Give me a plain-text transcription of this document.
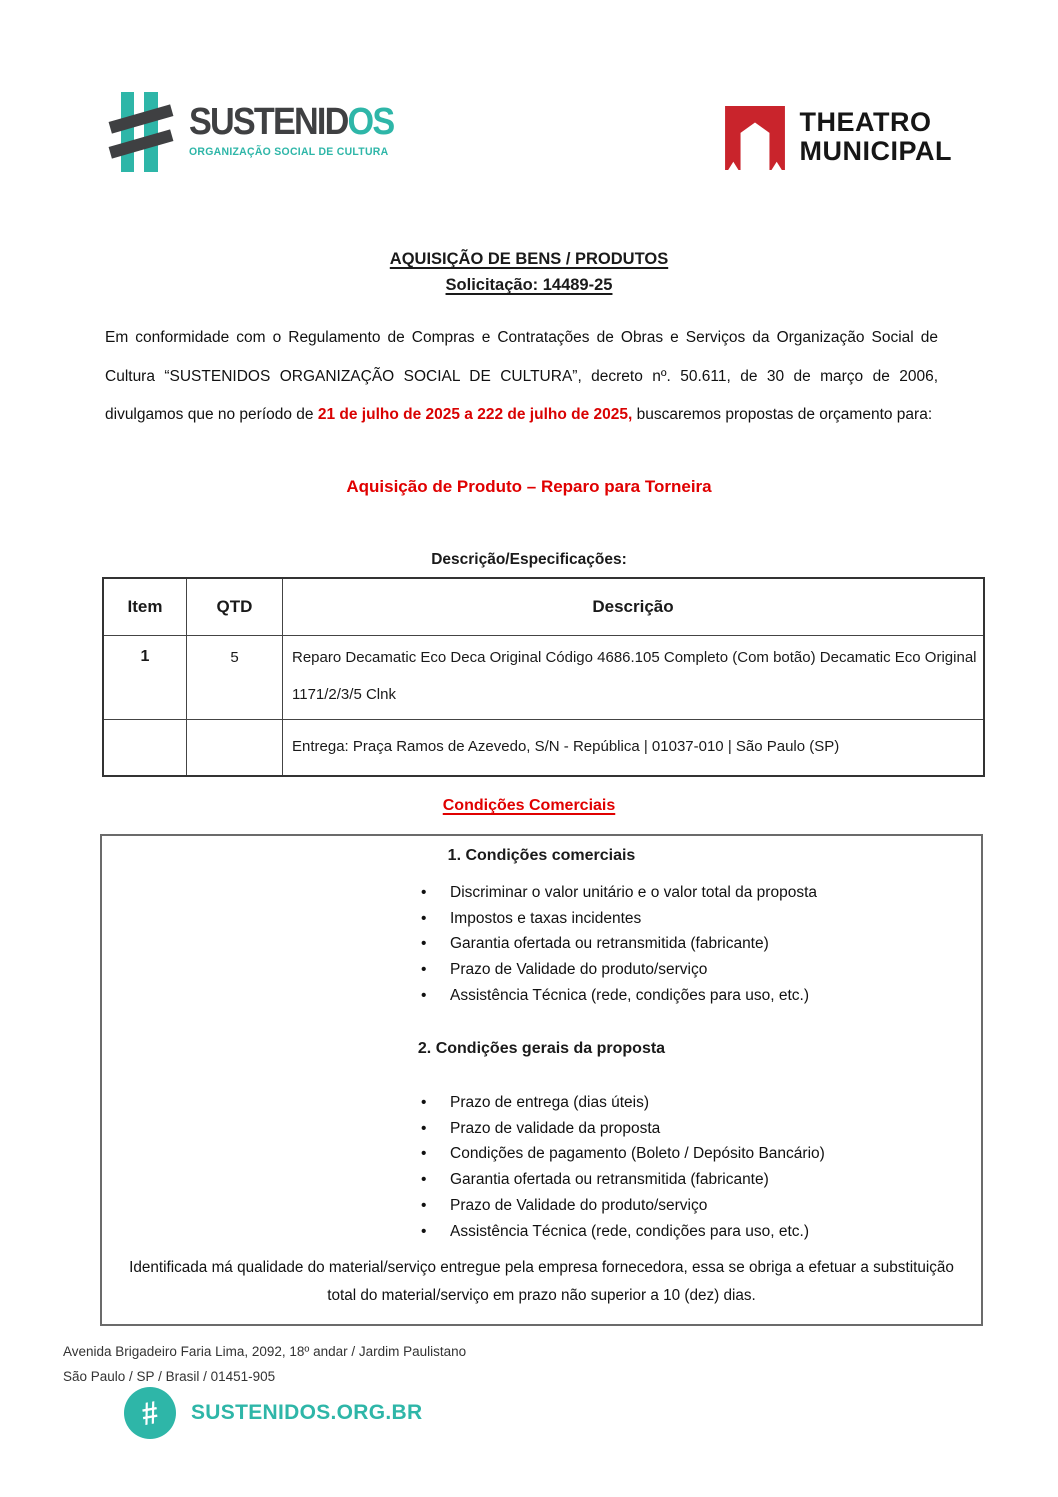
SUSTENIDOS
ORGANIZAÇÃO SOCIAL DE CULTURA
THEATRO
MUNICIPAL
AQUISIÇÃO DE BENS / PRODUTOS
Solicitação: 14489-25

Em conformidade com o Regulamento de Compras e Contratações de Obras e Serviços da Organização Social de Cultura “SUSTENIDOS ORGANIZAÇÃO SOCIAL DE CULTURA”, decreto nº. 50.611, de 30 de março de 2006, divulgamos que no período de 21 de julho de 2025 a 222 de julho de 2025, buscaremos propostas de orçamento para:

Aquisição de Produto – Reparo para Torneira
Descrição/Especificações:
Item	QTD	Descrição
1	5	Reparo Decamatic Eco Deca Original Código 4686.105 Completo (Com botão) Decamatic Eco Original 1171/2/3/5 Clnk
		Entrega: Praça Ramos de Azevedo, S/N - República | 01037-010 | São Paulo (SP)
Condições Comerciais
1. Condições comerciais
• Discriminar o valor unitário e o valor total da proposta
• Impostos e taxas incidentes
• Garantia ofertada ou retransmitida (fabricante)
• Prazo de Validade do produto/serviço
• Assistência Técnica (rede, condições para uso, etc.)
2. Condições gerais da proposta
• Prazo de entrega (dias úteis)
• Prazo de validade da proposta
• Condições de pagamento (Boleto / Depósito Bancário)
• Garantia ofertada ou retransmitida (fabricante)
• Prazo de Validade do produto/serviço
• Assistência Técnica (rede, condições para uso, etc.)

Identificada má qualidade do material/serviço entregue pela empresa fornecedora, essa se obriga a efetuar a substituição total do material/serviço em prazo não superior a 10 (dez) dias.

Avenida Brigadeiro Faria Lima, 2092, 18º andar / Jardim Paulistano
São Paulo / SP / Brasil / 01451-905
# SUSTENIDOS.ORG.BR
